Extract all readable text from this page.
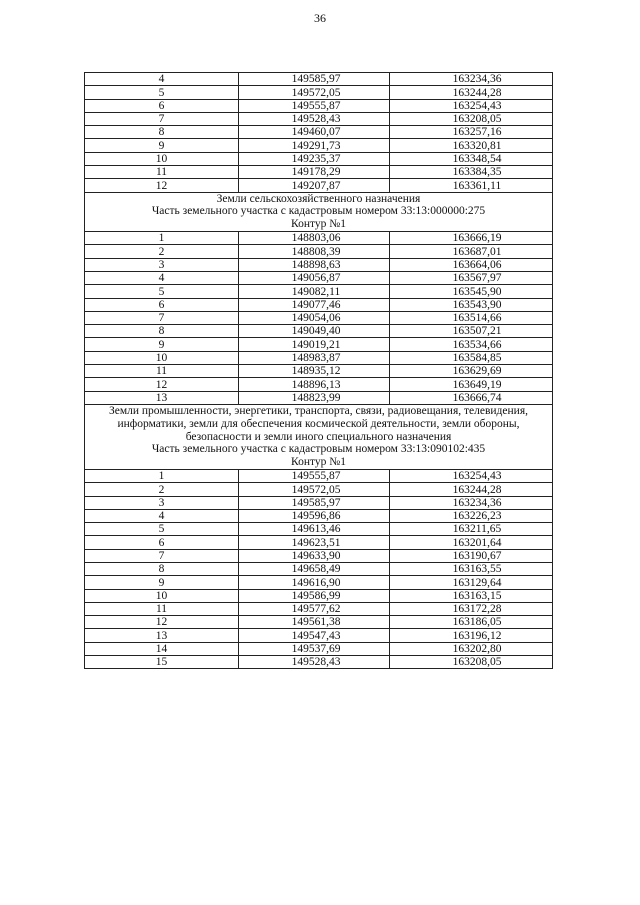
36
4	149585,97	163234,36
5	149572,05	163244,28
6	149555,87	163254,43
7	149528,43	163208,05
8	149460,07	163257,16
9	149291,73	163320,81
10	149235,37	163348,54
11	149178,29	163384,35
12	149207,87	163361,11

Земли сельскохозяйственного назначения
Часть земельного участка с кадастровым номером 33:13:000000:275
Контур №1		

1	148803,06	163666,19
2	148808,39	163687,01
3	148898,63	163664,06
4	149056,87	163567,97
5	149082,11	163545,90
6	149077,46	163543,90
7	149054,06	163514,66
8	149049,40	163507,21
9	149019,21	163534,66
10	148983,87	163584,85
11	148935,12	163629,69
12	148896,13	163649,19
13	148823,99	163666,74

Земли промышленности, энергетики, транспорта, связи, радиовещания, телевидения, информатики, земли для обеспечения космической деятельности, земли обороны, безопасности и земли иного специального назначения
Часть земельного участка с кадастровым номером 33:13:090102:435
Контур №1		

1	149555,87	163254,43
2	149572,05	163244,28
3	149585,97	163234,36
4	149596,86	163226,23
5	149613,46	163211,65
6	149623,51	163201,64
7	149633,90	163190,67
8	149658,49	163163,55
9	149616,90	163129,64
10	149586,99	163163,15
11	149577,62	163172,28
12	149561,38	163186,05
13	149547,43	163196,12
14	149537,69	163202,80
15	149528,43	163208,05
